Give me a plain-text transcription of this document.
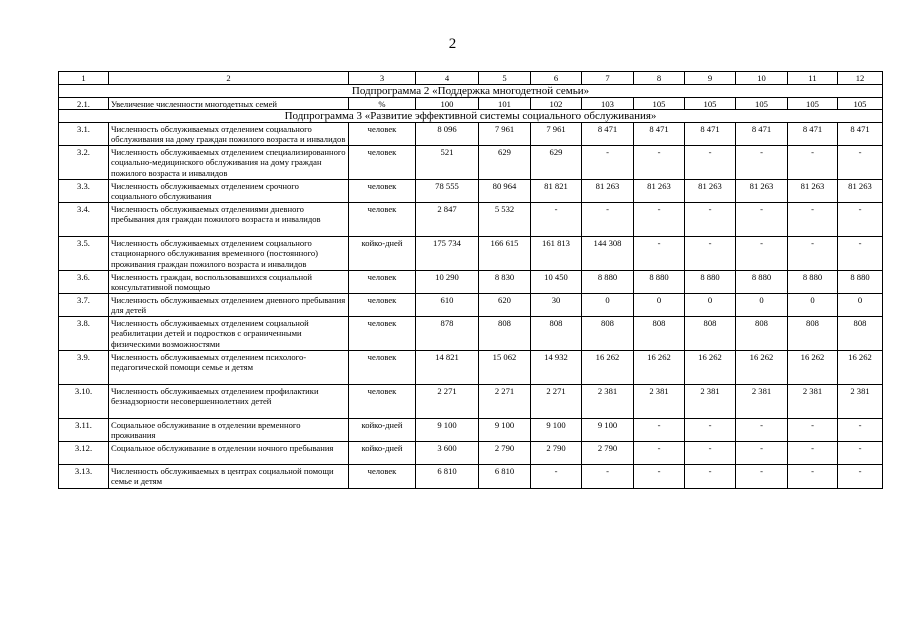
2
1	2	3	4	5	6	7	8	9	10	11	12
Подпрограмма 2 «Поддержка многодетной семьи»											
2.1.	Увеличение численности многодетных семей	%	100	101	102	103	105	105	105	105	105
Подпрограмма 3 «Развитие эффективной системы социального обслуживания»											
3.1.	Численность обслуживаемых отделением социального обслуживания на дому граждан пожилого возраста и инвалидов	человек	8 096	7 961	7 961	8 471	8 471	8 471	8 471	8 471	8 471
3.2.	Численность обслуживаемых отделением специализированного социально-медицинского обслуживания на дому граждан пожилого возраста и инвалидов	человек	521	629	629	-	-	-	-	-	-
3.3.	Численность обслуживаемых отделением срочного социального обслуживания	человек	78 555	80 964	81 821	81 263	81 263	81 263	81 263	81 263	81 263
3.4.	Численность обслуживаемых отделениями дневного пребывания для граждан пожилого возраста и инвалидов	человек	2 847	5 532	-	-	-	-	-	-	-
3.5.	Численность обслуживаемых отделением социального стационарного обслуживания временного (постоянного) проживания граждан пожилого возраста и инвалидов	койко-дней	175 734	166 615	161 813	144 308	-	-	-	-	-
3.6.	Численность граждан, воспользовавшихся социальной консультативной помощью	человек	10 290	8 830	10 450	8 880	8 880	8 880	8 880	8 880	8 880
3.7.	Численность обслуживаемых отделением дневного пребывания для детей	человек	610	620	30	0	0	0	0	0	0
3.8.	Численность обслуживаемых отделением социальной реабилитации детей и подростков с ограниченными физическими возможностями	человек	878	808	808	808	808	808	808	808	808
3.9.	Численность обслуживаемых отделением психолого-педагогической помощи семье и детям	человек	14 821	15 062	14 932	16 262	16 262	16 262	16 262	16 262	16 262
3.10.	Численность обслуживаемых отделением профилактики безнадзорности несовершеннолетних детей	человек	2 271	2 271	2 271	2 381	2 381	2 381	2 381	2 381	2 381
3.11.	Социальное обслуживание в отделении временного проживания	койко-дней	9 100	9 100	9 100	9 100	-	-	-	-	-
3.12.	Социальное обслуживание в отделении ночного пребывания	койко-дней	3 600	2 790	2 790	2 790	-	-	-	-	-
3.13.	Численность обслуживаемых в центрах социальной помощи семье и детям	человек	6 810	6 810	-	-	-	-	-	-	-
